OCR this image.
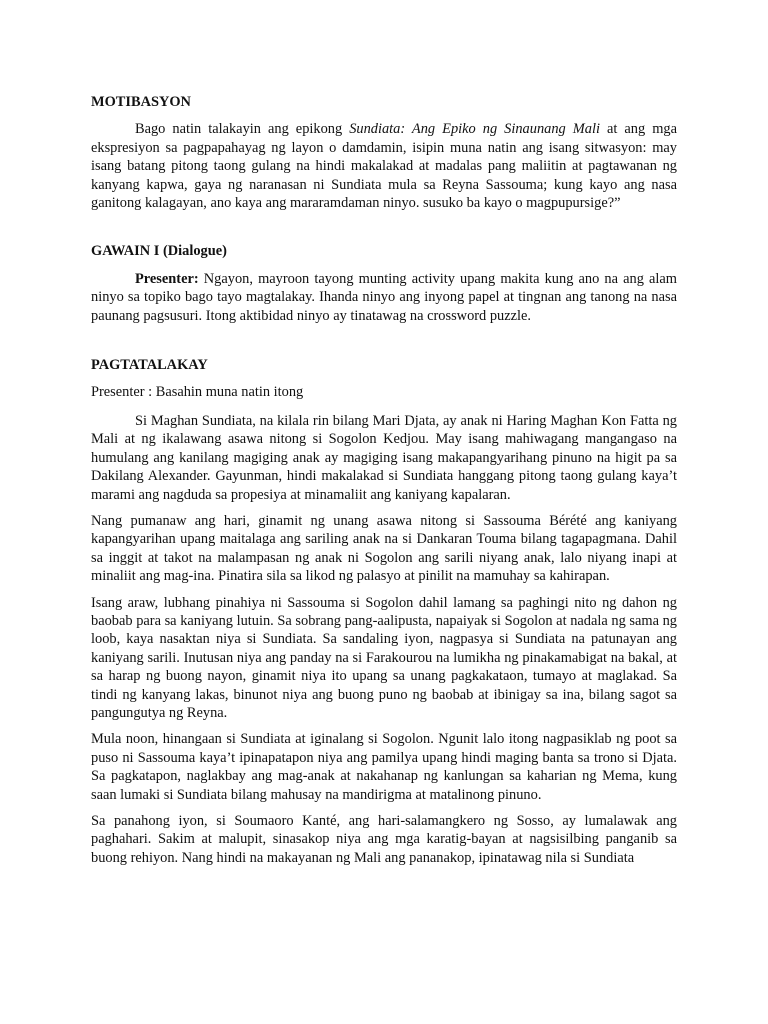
MOTIBASYON

Bago natin talakayin ang epikong Sundiata: Ang Epiko ng Sinaunang Mali at ang mga ekspresiyon sa pagpapahayag ng layon o damdamin, isipin muna natin ang isang sitwasyon: may isang batang pitong taong gulang na hindi makalakad at madalas pang maliitin at pagtawanan ng kanyang kapwa, gaya ng naranasan ni Sundiata mula sa Reyna Sassouma; kung kayo ang nasa ganitong kalagayan, ano kaya ang mararamdaman ninyo. susuko ba kayo o magpupursige?”

GAWAIN I (Dialogue)

Presenter: Ngayon, mayroon tayong munting activity upang makita kung ano na ang alam ninyo sa topiko bago tayo magtalakay. Ihanda ninyo ang inyong papel at tingnan ang tanong na nasa paunang pagsusuri. Itong aktibidad ninyo ay tinatawag na crossword puzzle.

PAGTATALAKAY

Presenter : Basahin muna natin itong

Si Maghan Sundiata, na kilala rin bilang Mari Djata, ay anak ni Haring Maghan Kon Fatta ng Mali at ng ikalawang asawa nitong si Sogolon Kedjou. May isang mahiwagang mangangaso na humulang ang kanilang magiging anak ay magiging isang makapangyarihang pinuno na higit pa sa Dakilang Alexander. Gayunman, hindi makalakad si Sundiata hanggang pitong taong gulang kaya’t marami ang nagduda sa propesiya at minamaliit ang kaniyang kapalaran.

Nang pumanaw ang hari, ginamit ng unang asawa nitong si Sassouma Bérété ang kaniyang kapangyarihan upang maitalaga ang sariling anak na si Dankaran Touma bilang tagapagmana. Dahil sa inggit at takot na malampasan ng anak ni Sogolon ang sarili niyang anak, lalo niyang inapi at minaliit ang mag-ina. Pinatira sila sa likod ng palasyo at pinilit na mamuhay sa kahirapan.

Isang araw, lubhang pinahiya ni Sassouma si Sogolon dahil lamang sa paghingi nito ng dahon ng baobab para sa kaniyang lutuin. Sa sobrang pang-aalipusta, napaiyak si Sogolon at nadala ng sama ng loob, kaya nasaktan niya si Sundiata. Sa sandaling iyon, nagpasya si Sundiata na patunayan ang kaniyang sarili. Inutusan niya ang panday na si Farakourou na lumikha ng pinakamabigat na bakal, at sa harap ng buong nayon, ginamit niya ito upang sa unang pagkakataon, tumayo at maglakad. Sa tindi ng kanyang lakas, binunot niya ang buong puno ng baobab at ibinigay sa ina, bilang sagot sa pangungutya ng Reyna.

Mula noon, hinangaan si Sundiata at iginalang si Sogolon. Ngunit lalo itong nagpasiklab ng poot sa puso ni Sassouma kaya’t ipinapatapon niya ang pamilya upang hindi maging banta sa trono si Djata. Sa pagkatapon, naglakbay ang mag-anak at nakahanap ng kanlungan sa kaharian ng Mema, kung saan lumaki si Sundiata bilang mahusay na mandirigma at matalinong pinuno.

Sa panahong iyon, si Soumaoro Kanté, ang hari-salamangkero ng Sosso, ay lumalawak ang paghahari. Sakim at malupit, sinasakop niya ang mga karatig-bayan at nagsisilbing panganib sa buong rehiyon. Nang hindi na makayanan ng Mali ang pananakop, ipinatawag nila si Sundiata
